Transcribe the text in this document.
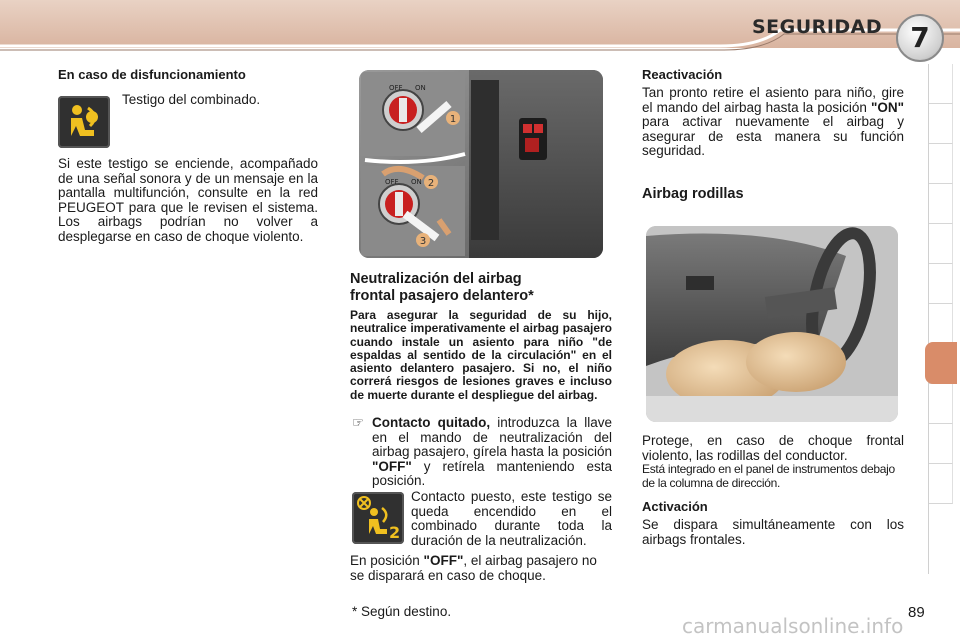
SEGURIDAD	7
En caso de disfuncionamiento
Testigo del combinado.
Si este testigo se enciende, acompañado de una señal sonora y de un mensaje en la pantalla multifunción, consulte en la red PEUGEOT para que le revisen el sistema. Los airbags podrían no volver a desplegarse en caso de choque violento.
1
2
3
OFF ON
OFF ON
Neutralización del airbag
frontal pasajero delantero*
Para asegurar la seguridad de su hijo, neutralice imperativamente el airbag pasajero cuando instale un asiento para niño "de espaldas al sentido de la circulación" en el asiento delantero pasajero. Si no, el niño correrá riesgos de lesiones graves e incluso de muerte durante el despliegue del airbag.
☞ Contacto quitado, introduzca la llave en el mando de neutralización del airbag pasajero, gírela hasta la posición "OFF" y retírela manteniendo esta posición.
2
Contacto puesto, este testigo se queda encendido en el combinado durante toda la duración de la neutralización.
En posición "OFF", el airbag pasajero no se disparará en caso de choque.
* Según destino.
Reactivación
Tan pronto retire el asiento para niño, gire el mando del airbag hasta la posición "ON" para activar nuevamente el airbag y asegurar de esta manera su función seguridad.
Airbag rodillas
Protege, en caso de choque frontal violento, las rodillas del conductor.
Está integrado en el panel de instrumentos debajo de la columna de dirección.
Activación
Se dispara simultáneamente con los airbags frontales.
carmanualsonline.info
89
